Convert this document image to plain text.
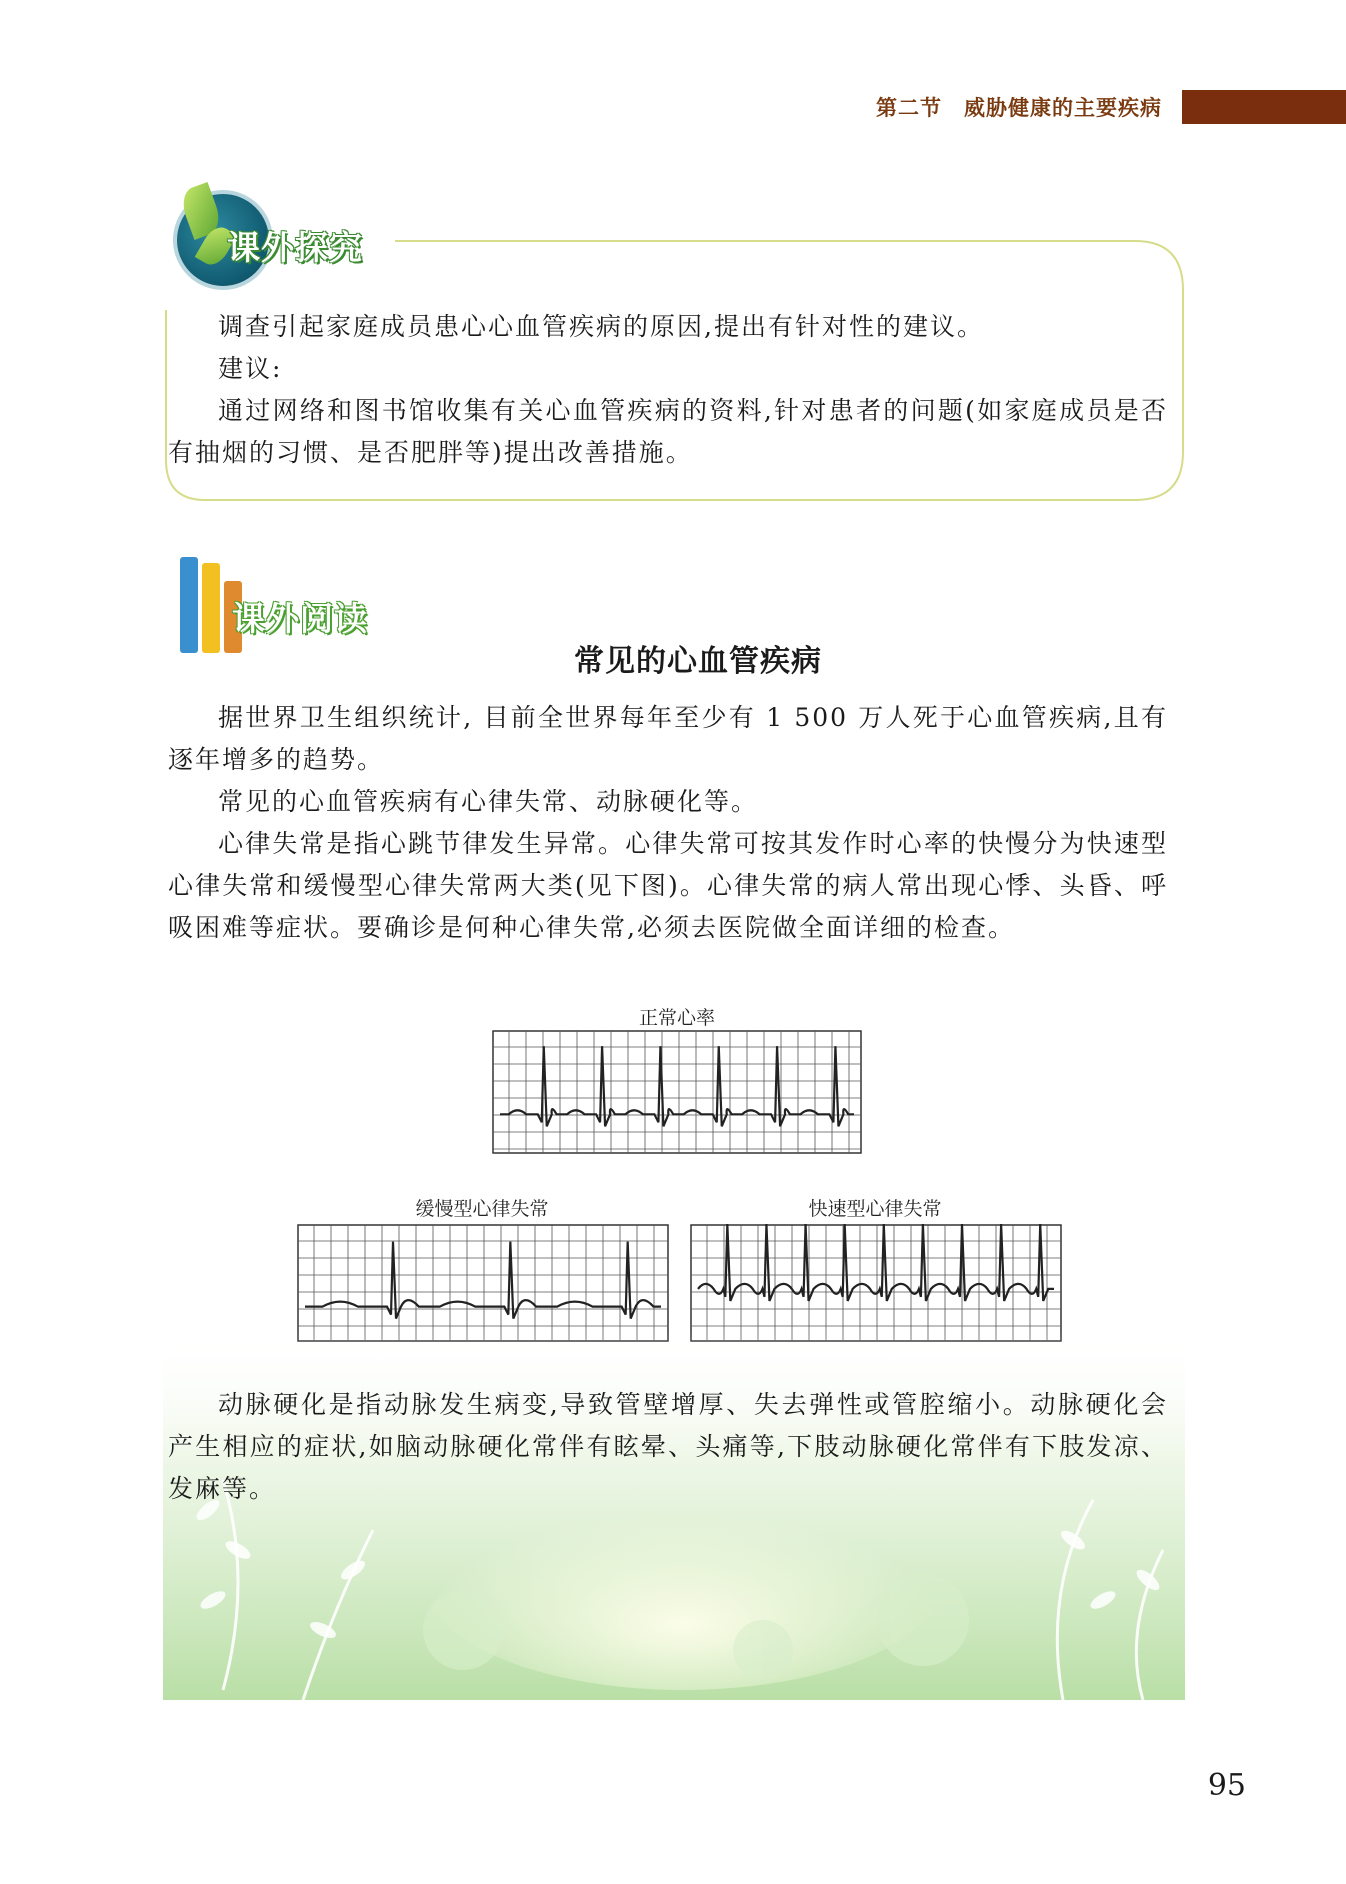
第二节 威胁健康的主要疾病
课外探究

调查引起家庭成员患心心血管疾病的原因,提出有针对性的建议。

建议:

通过网络和图书馆收集有关心血管疾病的资料,针对患者的问题(如家庭成员是否有抽烟的习惯、是否肥胖等)提出改善措施。

课外阅读
常见的心血管疾病

据世界卫生组织统计, 目前全世界每年至少有 1 500 万人死于心血管疾病,且有逐年增多的趋势。

常见的心血管疾病有心律失常、动脉硬化等。

心律失常是指心跳节律发生异常。心律失常可按其发作时心率的快慢分为快速型心律失常和缓慢型心律失常两大类(见下图)。心律失常的病人常出现心悸、头昏、呼吸困难等症状。要确诊是何种心律失常,必须去医院做全面详细的检查。

正常心率
缓慢型心律失常	快速型心律失常

动脉硬化是指动脉发生病变,导致管壁增厚、失去弹性或管腔缩小。动脉硬化会产生相应的症状,如脑动脉硬化常伴有眩晕、头痛等,下肢动脉硬化常伴有下肢发凉、发麻等。

95
